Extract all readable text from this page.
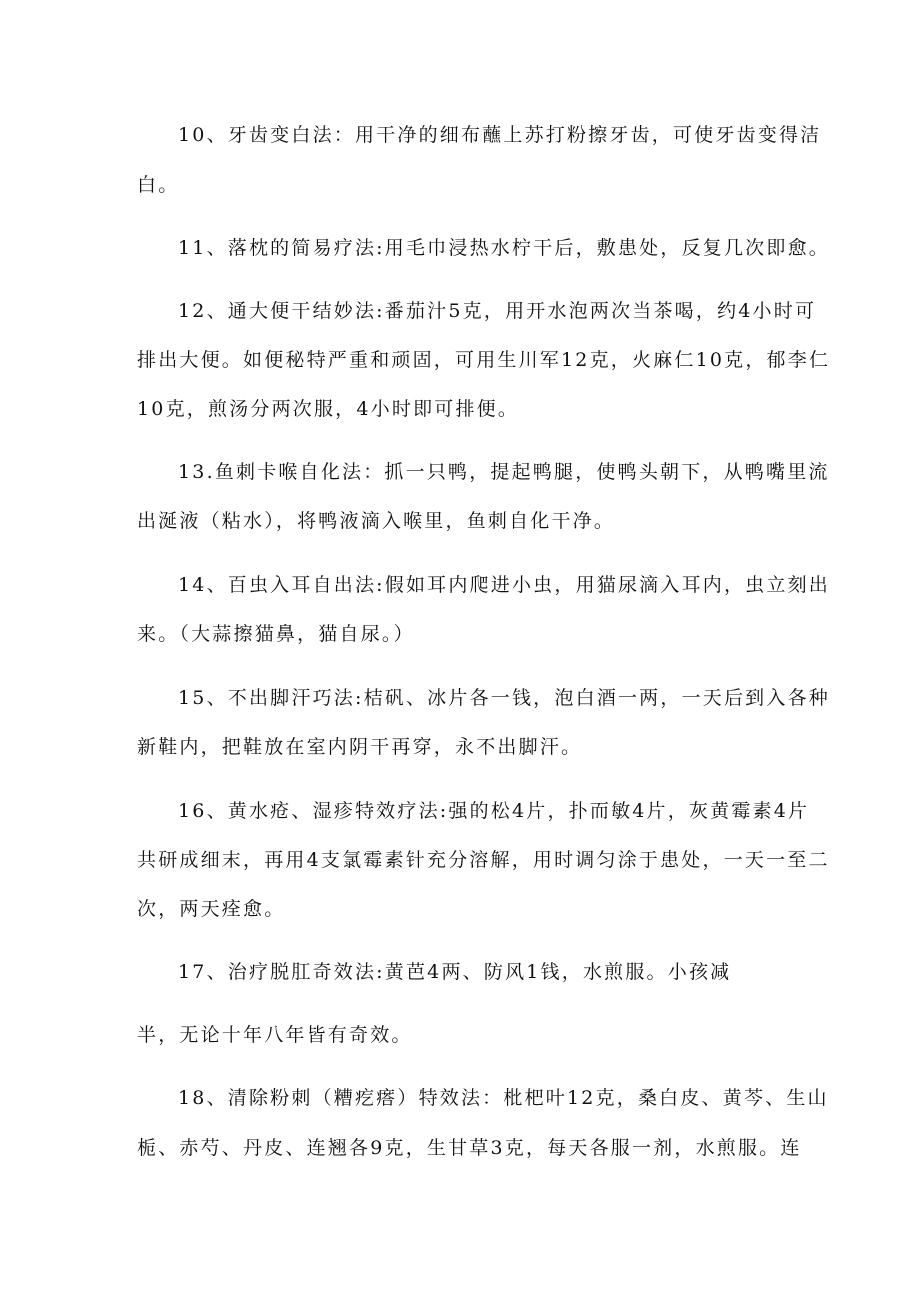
10、牙齿变白法：用干净的细布蘸上苏打粉擦牙齿，可使牙齿变得洁
白。
11、落枕的简易疗法:用毛巾浸热水柠干后，敷患处，反复几次即愈。
12、通大便干结妙法:番茄汁5克，用开水泡两次当茶喝，约4小时可
排出大便。如便秘特严重和顽固，可用生川军12克，火麻仁10克，郁李仁
10克，煎汤分两次服，4小时即可排便。
13.鱼刺卡喉自化法：抓一只鸭，提起鸭腿，使鸭头朝下，从鸭嘴里流
出涎液（粘水），将鸭液滴入喉里，鱼刺自化干净。
14、百虫入耳自出法:假如耳内爬进小虫，用猫尿滴入耳内，虫立刻出
来。（大蒜擦猫鼻，猫自尿。）
15、不出脚汗巧法:桔矾、冰片各一钱，泡白酒一两，一天后到入各种
新鞋内，把鞋放在室内阴干再穿，永不出脚汗。
16、黄水疮、湿疹特效疗法:强的松4片，扑而敏4片，灰黄霉素4片
共研成细末，再用4支氯霉素针充分溶解，用时调匀涂于患处，一天一至二
次，两天痊愈。
17、治疗脱肛奇效法:黄芭4两、防风1钱，水煎服。小孩减
半，无论十年八年皆有奇效。
18、清除粉刺（糟疙瘩）特效法：枇杷叶12克，桑白皮、黄芩、生山
栀、赤芍、丹皮、连翘各9克，生甘草3克，每天各服一剂，水煎服。连
